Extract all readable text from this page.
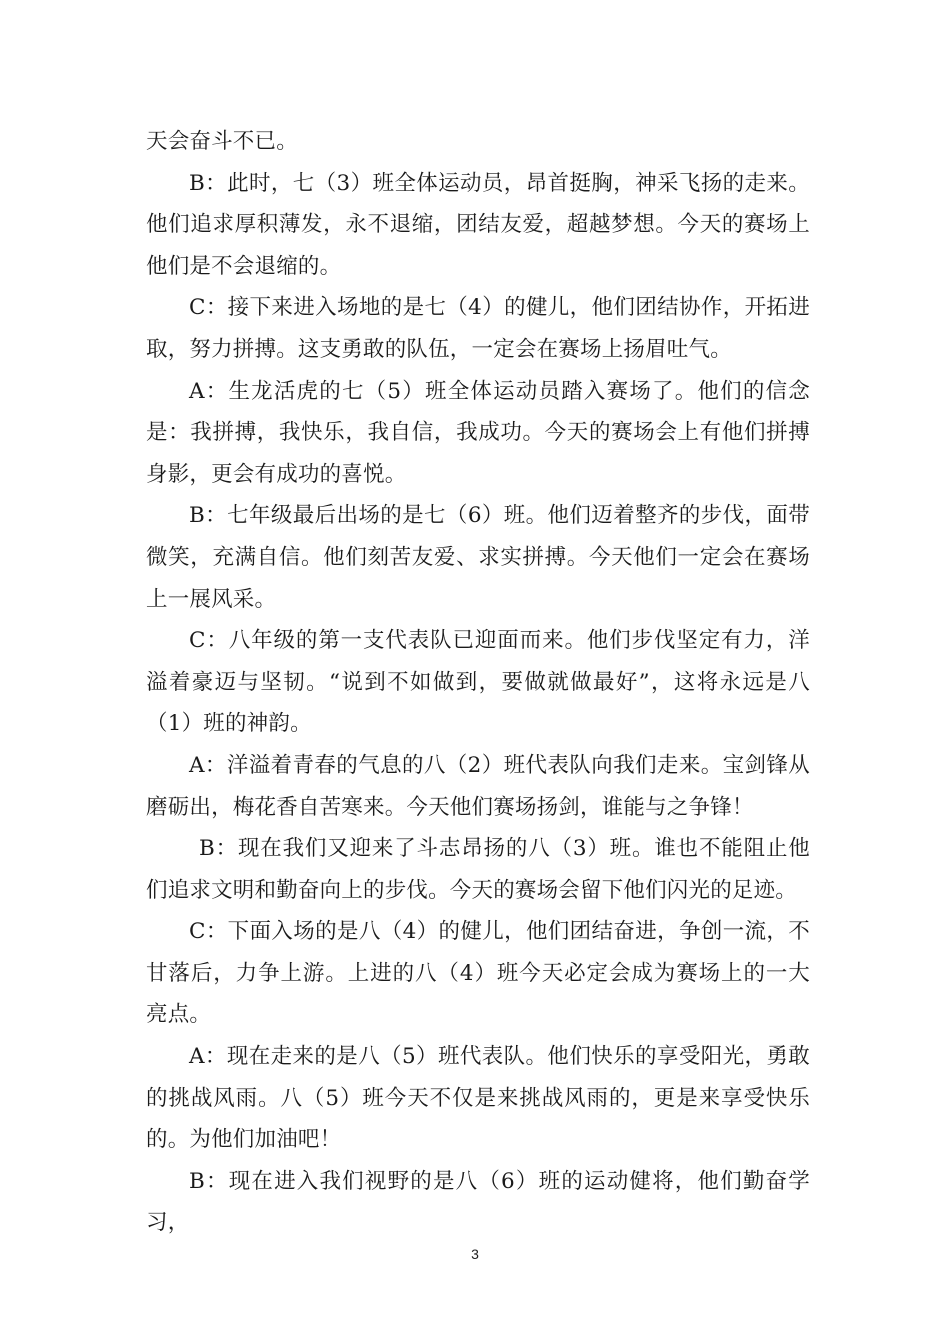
天会奋斗不已。

B：此时，七（3）班全体运动员，昂首挺胸，神采飞扬的走来。他们追求厚积薄发，永不退缩，团结友爱，超越梦想。今天的赛场上他们是不会退缩的。

C：接下来进入场地的是七（4）的健儿，他们团结协作，开拓进取，努力拼搏。这支勇敢的队伍，一定会在赛场上扬眉吐气。

A：生龙活虎的七（5）班全体运动员踏入赛场了。他们的信念是：我拼搏，我快乐，我自信，我成功。今天的赛场会上有他们拼搏身影，更会有成功的喜悦。

B：七年级最后出场的是七（6）班。他们迈着整齐的步伐，面带微笑，充满自信。他们刻苦友爱、求实拼搏。今天他们一定会在赛场上一展风采。

C：八年级的第一支代表队已迎面而来。他们步伐坚定有力，洋溢着豪迈与坚韧。“说到不如做到，要做就做最好”，这将永远是八（1）班的神韵。

A：洋溢着青春的气息的八（2）班代表队向我们走来。宝剑锋从磨砺出，梅花香自苦寒来。今天他们赛场扬剑，谁能与之争锋！

B：现在我们又迎来了斗志昂扬的八（3）班。谁也不能阻止他们追求文明和勤奋向上的步伐。今天的赛场会留下他们闪光的足迹。

C：下面入场的是八（4）的健儿，他们团结奋进，争创一流，不甘落后，力争上游。上进的八（4）班今天必定会成为赛场上的一大亮点。

A：现在走来的是八（5）班代表队。他们快乐的享受阳光，勇敢的挑战风雨。八（5）班今天不仅是来挑战风雨的，更是来享受快乐的。为他们加油吧！

B：现在进入我们视野的是八（6）班的运动健将，他们勤奋学习，

3
